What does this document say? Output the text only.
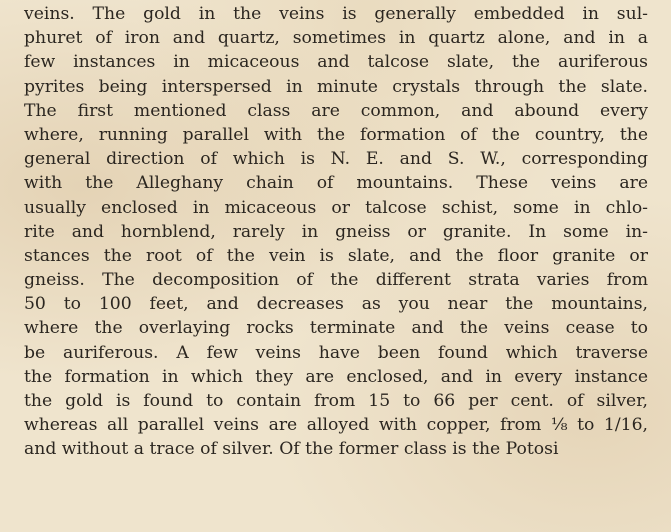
veins. The gold in the veins is generally embedded in sul-
phuret of iron and quartz, sometimes in quartz alone, and in a
few instances in micaceous and talcose slate, the auriferous
pyrites being interspersed in minute crystals through the slate.
The first mentioned class are common, and abound every
where, running parallel with the formation of the country, the
general direction of which is N. E. and S. W., corresponding
with the Alleghany chain of mountains. These veins are
usually enclosed in micaceous or talcose schist, some in chlo-
rite and hornblend, rarely in gneiss or granite. In some in-
stances the root of the vein is slate, and the floor granite or
gneiss. The decomposition of the different strata varies from
50 to 100 feet, and decreases as you near the mountains,
where the overlaying rocks terminate and the veins cease to
be auriferous. A few veins have been found which traverse
the formation in which they are enclosed, and in every instance
the gold is found to contain from 15 to 66 per cent. of silver,
whereas all parallel veins are alloyed with copper, from ⅛ to 1/16,
and without a trace of silver. Of the former class is the Potosi
